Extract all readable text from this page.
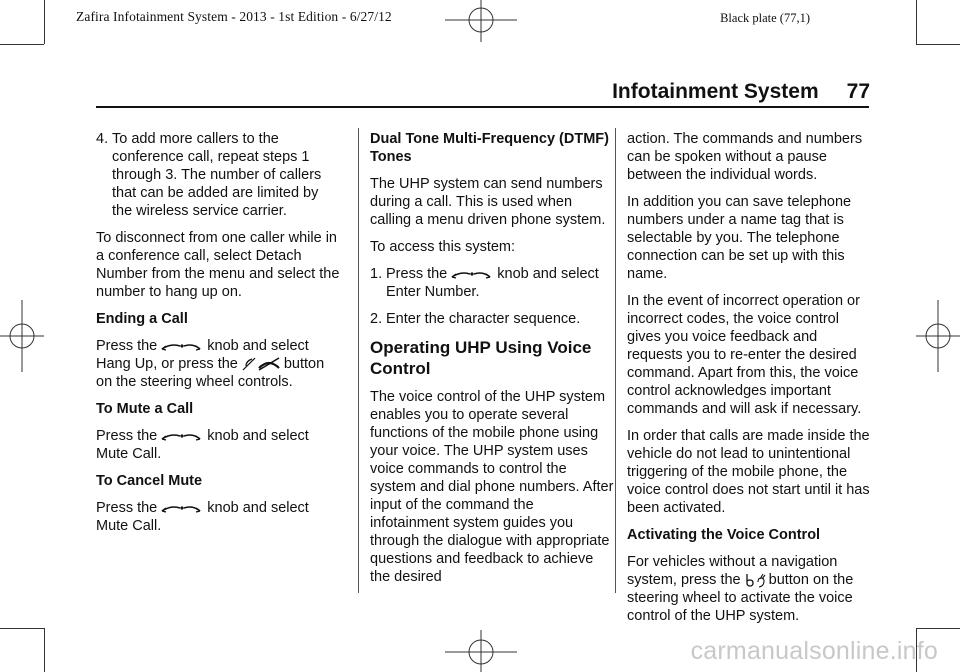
Zafira Infotainment System - 2013 - 1st Edition - 6/27/12	Black plate (77,1)
Infotainment System 77
4. To add more callers to the conference call, repeat steps 1 through 3. The number of callers that can be added are limited by the wireless service carrier.

To disconnect from one caller while in a conference call, select Detach Number from the menu and select the number to hang up on.

Ending a Call

Press the	knob and select Hang Up, or press the	button on the steering wheel controls.

To Mute a Call

Press the	knob and select Mute Call.

To Cancel Mute

Press the	knob and select Mute Call.

Dual Tone Multi-Frequency (DTMF) Tones

The UHP system can send numbers during a call. This is used when calling a menu driven phone system.

To access this system:

1. Press the	knob and select Enter Number.
2. Enter the character sequence.
Operating UHP Using Voice Control

The voice control of the UHP system enables you to operate several functions of the mobile phone using your voice. The UHP system uses voice commands to control the system and dial phone numbers. After input of the command the infotainment system guides you through the dialogue with appropriate questions and feedback to achieve the desired

action. The commands and numbers can be spoken without a pause between the individual words.

In addition you can save telephone numbers under a name tag that is selectable by you. The telephone connection can be set up with this name.

In the event of incorrect operation or incorrect codes, the voice control gives you voice feedback and requests you to re-enter the desired command. Apart from this, the voice control acknowledges important commands and will ask if necessary.

In order that calls are made inside the vehicle do not lead to unintentional triggering of the mobile phone, the voice control does not start until it has been activated.

Activating the Voice Control

For vehicles without a navigation system, press the button on the steering wheel to activate the voice control of the UHP system.

carmanualsonline.info
